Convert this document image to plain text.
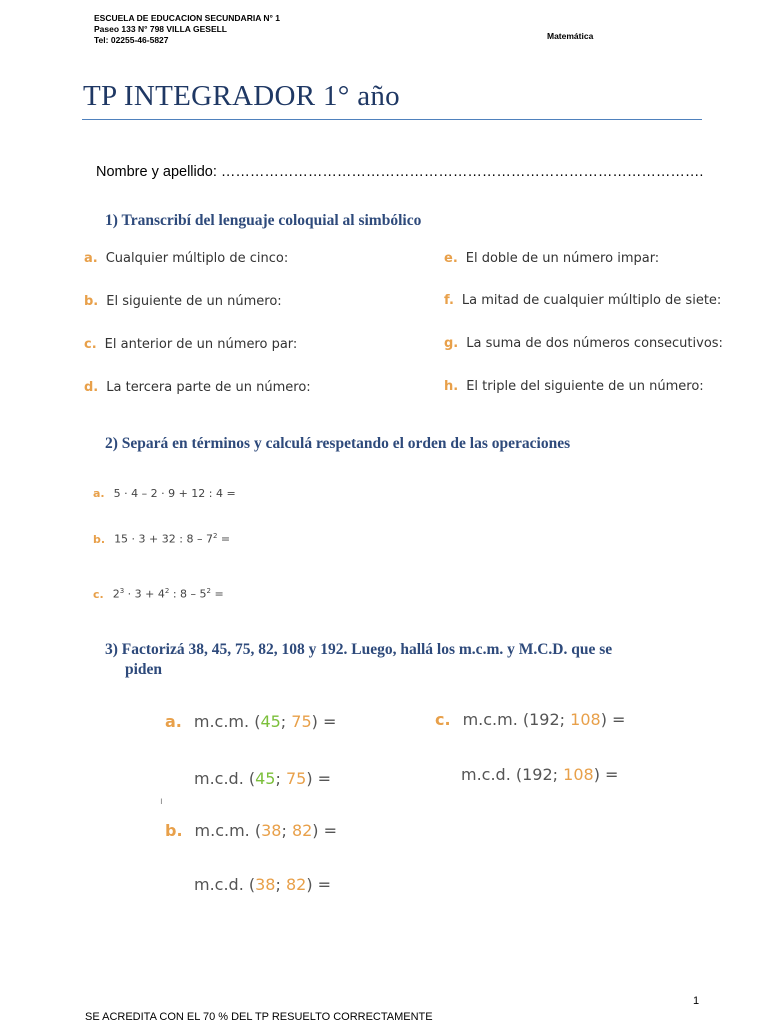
ESCUELA DE EDUCACION SECUNDARIA N° 1
Paseo 133 N° 798 VILLA GESELL
Tel: 02255-46-5827	Matemática
TP INTEGRADOR 1° año
Nombre y apellido: ……………………………………………………………………………………….
1) Transcribí del lenguaje coloquial al simbólico
a. Cualquier múltiplo de cinco:
b. El siguiente de un número:
c. El anterior de un número par:
d. La tercera parte de un número:
e. El doble de un número impar:
f. La mitad de cualquier múltiplo de siete:
g. La suma de dos números consecutivos:
h. El triple del siguiente de un número:
2) Separá en términos y calculá respetando el orden de las operaciones
a. 5 · 4 – 2 · 9 + 12 : 4 =
b. 15 · 3 + 32 : $8 - 7^2$ =
c. $2^3 \cdot 3 + 4^2$ : $8 - 5^2$ =
3) Factorizá 38, 45, 75, 82, 108 y 192. Luego, hallá los m.c.m. y M.C.D. que se
piden
a. m.c.m. (45; 75) =
m.c.d. (45; 75) =
ı
b. m.c.m. (38; 82) =
m.c.d. (38; 82) =
c. m.c.m. (192; 108) =
m.c.d. (192; 108) =
1
SE ACREDITA CON EL 70 % DEL TP RESUELTO CORRECTAMENTE
